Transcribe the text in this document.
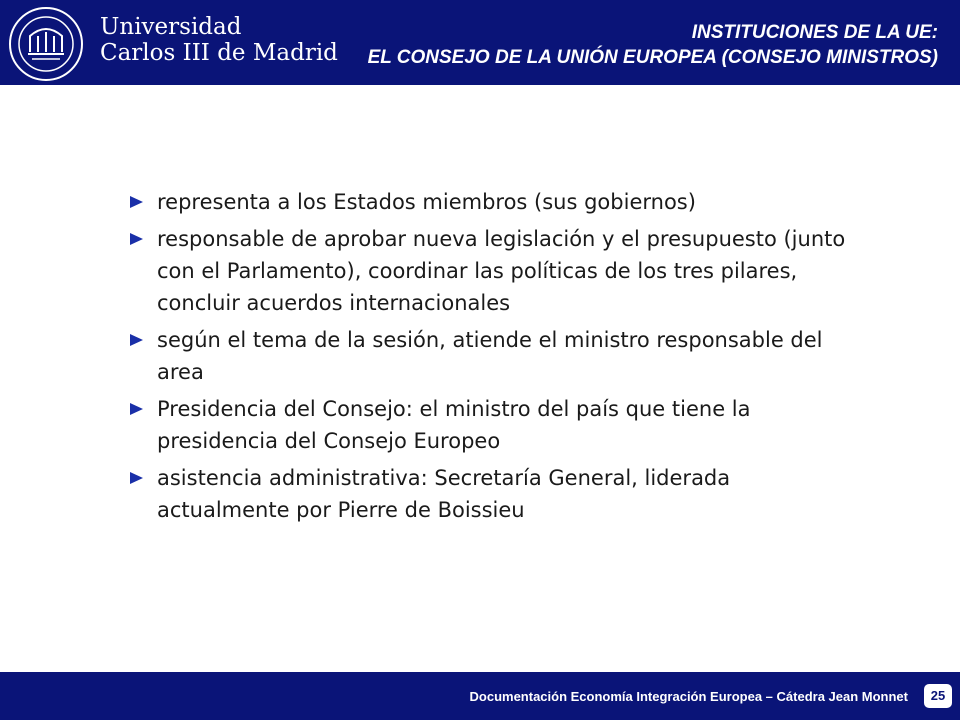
Universidad
Carlos III de Madrid
INSTITUCIONES DE LA UE:
EL CONSEJO DE LA UNIÓN EUROPEA (CONSEJO MINISTROS)
representa a los Estados miembros (sus gobiernos)
responsable de aprobar nueva legislación y el presupuesto (junto con el Parlamento), coordinar las políticas de los tres pilares, concluir acuerdos internacionales
según el tema de la sesión, atiende el ministro responsable del area
Presidencia del Consejo: el ministro del país que tiene la presidencia del Consejo Europeo
asistencia administrativa: Secretaría General, liderada actualmente por Pierre de Boissieu
Documentación Economía Integración Europea – Cátedra Jean Monnet	25
